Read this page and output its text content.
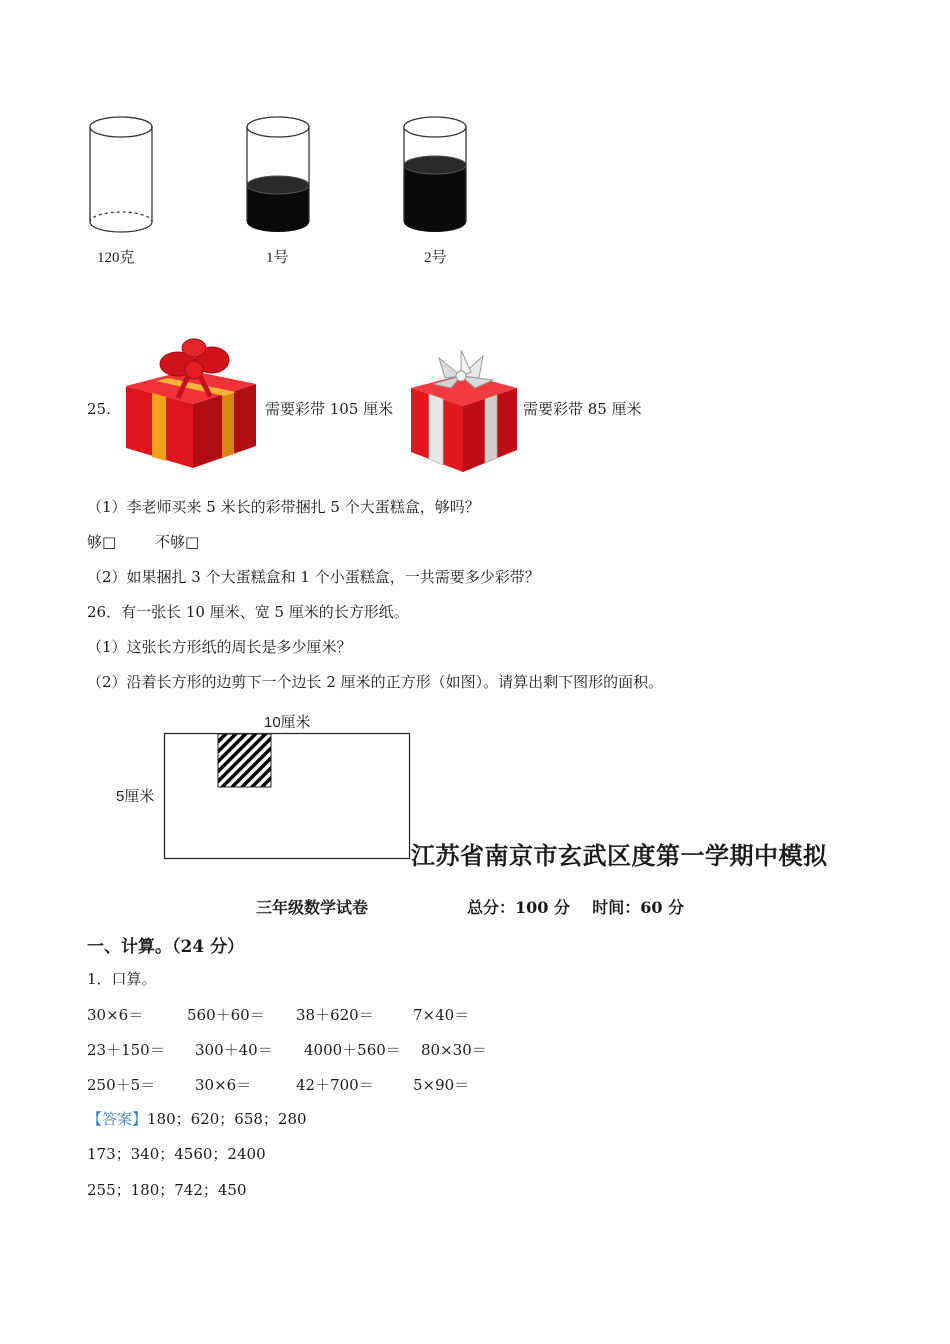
120克	1号	2号
25.	需要彩带 105 厘米	需要彩带 85 厘米
（1）李老师买来 5 米长的彩带捆扎 5 个大蛋糕盒，够吗？
够□	不够□
（2）如果捆扎 3 个大蛋糕盒和 1 个小蛋糕盒，一共需要多少彩带？
26．有一张长 10 厘米、宽 5 厘米的长方形纸。
（1）这张长方形纸的周长是多少厘米？
（2）沿着长方形的边剪下一个边长 2 厘米的正方形（如图）。请算出剩下图形的面积。
10厘米
5厘米
江苏省南京市玄武区度第一学期中模拟
三年级数学试卷	总分：100 分    时间：60 分
一、计算。（24 分）
1．口算。
30×6＝	560＋60＝ 38＋620＝	7×40＝
23＋150＝ 300＋40＝ 4000＋560＝ 80×30＝
250＋5＝	30×6＝	42＋700＝	5×90＝
【答案】180；620；658；280
173；340；4560；2400
255；180；742；450
